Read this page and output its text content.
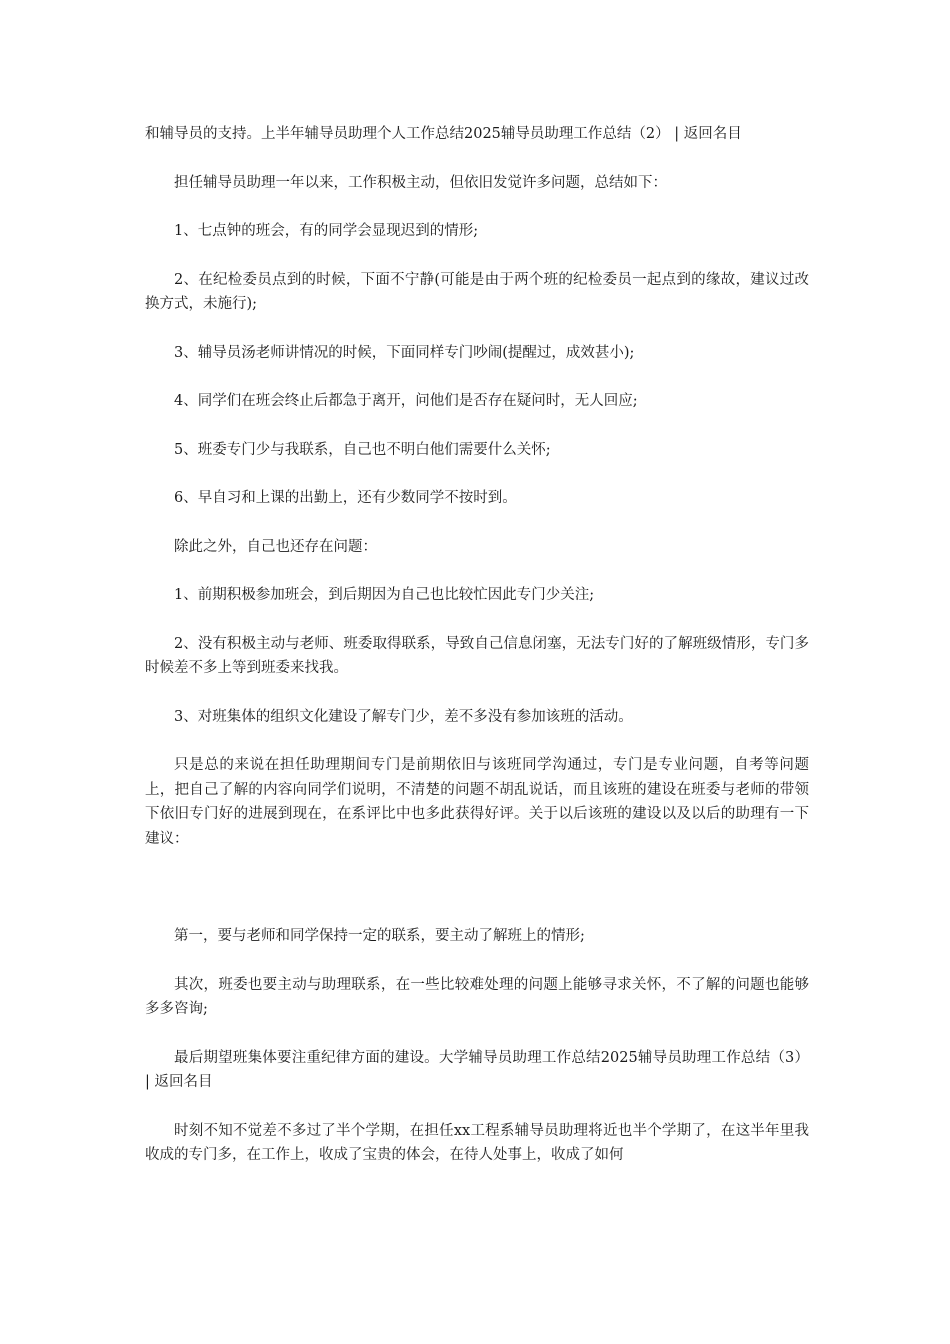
和辅导员的支持。上半年辅导员助理个人工作总结2025辅导员助理工作总结（2） | 返回名目

担任辅导员助理一年以来，工作积极主动，但依旧发觉许多问题，总结如下：

1、七点钟的班会，有的同学会显现迟到的情形;

2、在纪检委员点到的时候，下面不宁静(可能是由于两个班的纪检委员一起点到的缘故，建议过改换方式，未施行);

3、辅导员汤老师讲情况的时候，下面同样专门吵闹(提醒过，成效甚小);

4、同学们在班会终止后都急于离开，问他们是否存在疑问时，无人回应;

5、班委专门少与我联系，自己也不明白他们需要什么关怀;

6、早自习和上课的出勤上，还有少数同学不按时到。

除此之外，自己也还存在问题：

1、前期积极参加班会，到后期因为自己也比较忙因此专门少关注;

2、没有积极主动与老师、班委取得联系，导致自己信息闭塞，无法专门好的了解班级情形，专门多时候差不多上等到班委来找我。

3、对班集体的组织文化建设了解专门少，差不多没有参加该班的活动。

只是总的来说在担任助理期间专门是前期依旧与该班同学沟通过，专门是专业问题，自考等问题上，把自己了解的内容向同学们说明，不清楚的问题不胡乱说话，而且该班的建设在班委与老师的带领下依旧专门好的进展到现在，在系评比中也多此获得好评。关于以后该班的建设以及以后的助理有一下建议：

第一，要与老师和同学保持一定的联系，要主动了解班上的情形;

其次，班委也要主动与助理联系，在一些比较难处理的问题上能够寻求关怀，不了解的问题也能够多多咨询;

最后期望班集体要注重纪律方面的建设。大学辅导员助理工作总结2025辅导员助理工作总结（3） | 返回名目

时刻不知不觉差不多过了半个学期，在担任xx工程系辅导员助理将近也半个学期了，在这半年里我收成的专门多，在工作上，收成了宝贵的体会，在待人处事上，收成了如何
